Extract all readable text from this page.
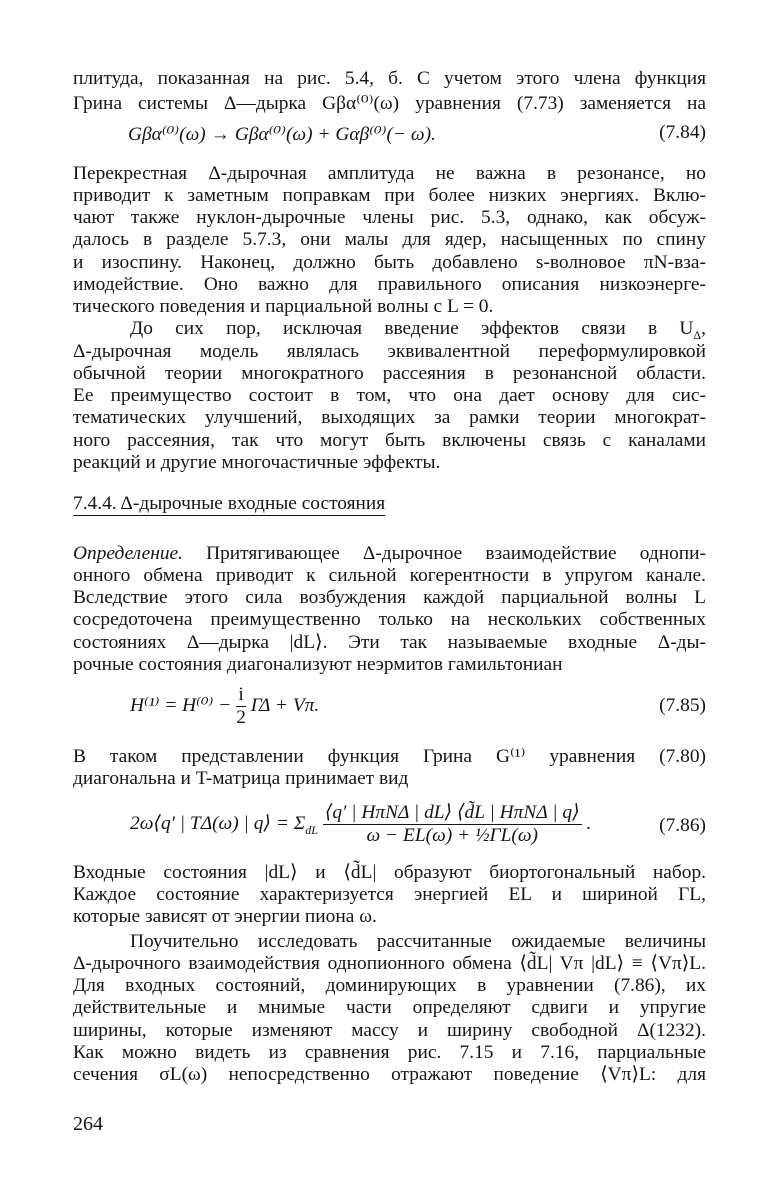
плитуда, показанная на рис. 5.4, б. С учетом этого члена функция
Грина системы Δ—дырка Gβα⁽⁰⁾(ω) уравнения (7.73) заменяется на
Gβα⁽⁰⁾(ω) → Gβα⁽⁰⁾(ω) + Gαβ⁽⁰⁾(− ω).	(7.84)
Перекрестная Δ-дырочная амплитуда не важна в резонансе, но
приводит к заметным поправкам при более низких энергиях. Вклю-
чают также нуклон-дырочные члены рис. 5.3, однако, как обсуж-
далось в разделе 5.7.3, они малы для ядер, насыщенных по спину
и изоспину. Наконец, должно быть добавлено s-волновое πN-вза-
имодействие. Оно важно для правильного описания низкоэнерге-
тического поведения и парциальной волны с L = 0.
До сих пор, исключая введение эффектов связи в $U_\Delta$,
Δ-дырочная модель являлась эквивалентной переформулировкой
обычной теории многократного рассеяния в резонансной области.
Ее преимущество состоит в том, что она дает основу для сис-
тематических улучшений, выходящих за рамки теории многократ-
ного рассеяния, так что могут быть включены связь с каналами
реакций и другие многочастичные эффекты.
7.4.4. Δ-дырочные входные состояния
Определение. Притягивающее Δ-дырочное взаимодействие однопи-
онного обмена приводит к сильной когерентности в упругом канале.
Вследствие этого сила возбуждения каждой парциальной волны L
сосредоточена преимущественно только на нескольких собственных
состояниях Δ—дырка |dL⟩. Эти так называемые входные Δ-ды-
рочные состояния диагонализуют неэрмитов гамильтониан
$H^{(1)} = H^{(0)} - \frac{i}{2}$ ΓΔ + Vπ.	(7.85)
В таком представлении функция Грина G⁽¹⁾ уравнения (7.80)
диагональна и T-матрица принимает вид
2ω⟨q′ | TΔ(ω) | q⟩ = $\Sigma_{dL} \frac{\text{⟨q′ | HπNΔ | dL⟩ ⟨d̃L | HπNΔ | q⟩}}{\text{ω − EL(ω) + ½ΓL(ω)}}$ .	(7.86)
Входные состояния |dL⟩ и ⟨d̃L| образуют биортогональный набор.
Каждое состояние характеризуется энергией EL и шириной ΓL,
которые зависят от энергии пиона ω.
Поучительно исследовать рассчитанные ожидаемые величины
Δ-дырочного взаимодействия однопионного обмена ⟨d̃L| Vπ |dL⟩ ≡ ⟨Vπ⟩L.
Для входных состояний, доминирующих в уравнении (7.86), их
действительные и мнимые части определяют сдвиги и упругие
ширины, которые изменяют массу и ширину свободной Δ(1232).
Как можно видеть из сравнения рис. 7.15 и 7.16, парциальные
сечения σL(ω) непосредственно отражают поведение ⟨Vπ⟩L: для
264
